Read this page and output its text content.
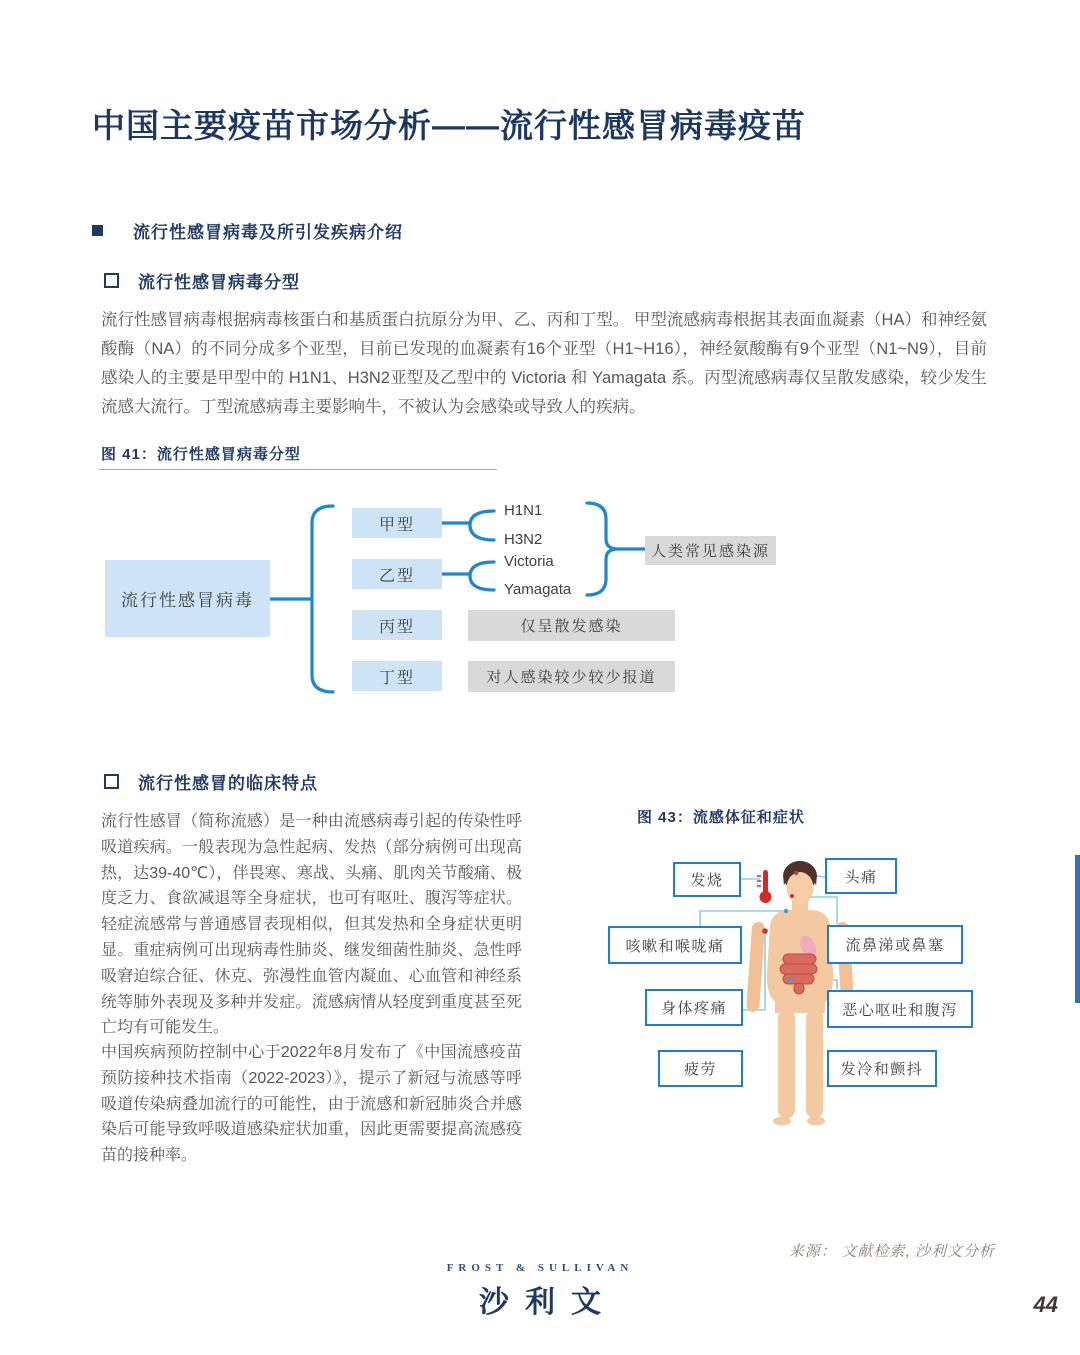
中国主要疫苗市场分析——流行性感冒病毒疫苗
流行性感冒病毒及所引发疾病介绍
流行性感冒病毒分型
流行性感冒病毒根据病毒核蛋白和基质蛋白抗原分为甲、乙、丙和丁型。 甲型流感病毒根据其表面血凝素（HA）和神经氨酸酶（NA）的不同分成多个亚型，目前已发现的血凝素有16个亚型（H1~H16），神经氨酸酶有9个亚型（N1~N9），目前感染人的主要是甲型中的 H1N1、H3N2亚型及乙型中的 Victoria 和 Yamagata 系。丙型流感病毒仅呈散发感染，较少发生流感大流行。丁型流感病毒主要影响牛，不被认为会感染或导致人的疾病。
图 41：流行性感冒病毒分型
流行性感冒病毒
甲型
乙型
丙型
丁型
H1N1
H3N2
Victoria
Yamagata
人类常见感染源
仅呈散发感染
对人感染较少较少报道
流行性感冒的临床特点
流行性感冒（简称流感）是一种由流感病毒引起的传染性呼吸道疾病。一般表现为急性起病、发热（部分病例可出现高热，达39-40℃），伴畏寒、寒战、头痛、肌肉关节酸痛、极度乏力、食欲减退等全身症状，也可有呕吐、腹泻等症状。轻症流感常与普通感冒表现相似，但其发热和全身症状更明显。重症病例可出现病毒性肺炎、继发细菌性肺炎、急性呼吸窘迫综合征、休克、弥漫性血管内凝血、心血管和神经系统等肺外表现及多种并发症。流感病情从轻度到重度甚至死亡均有可能发生。
中国疾病预防控制中心于2022年8月发布了《中国流感疫苗预防接种技术指南（2022-2023）》，提示了新冠与流感等呼吸道传染病叠加流行的可能性，由于流感和新冠肺炎合并感染后可能导致呼吸道感染症状加重，因此更需要提高流感疫苗的接种率。
图 43：流感体征和症状
发烧	头痛
咳嗽和喉咙痛	流鼻涕或鼻塞
身体疼痛	恶心呕吐和腹泻
疲劳	发冷和颤抖
来源： 文献检索, 沙利文分析
FROST & SULLIVAN
沙利文	44
